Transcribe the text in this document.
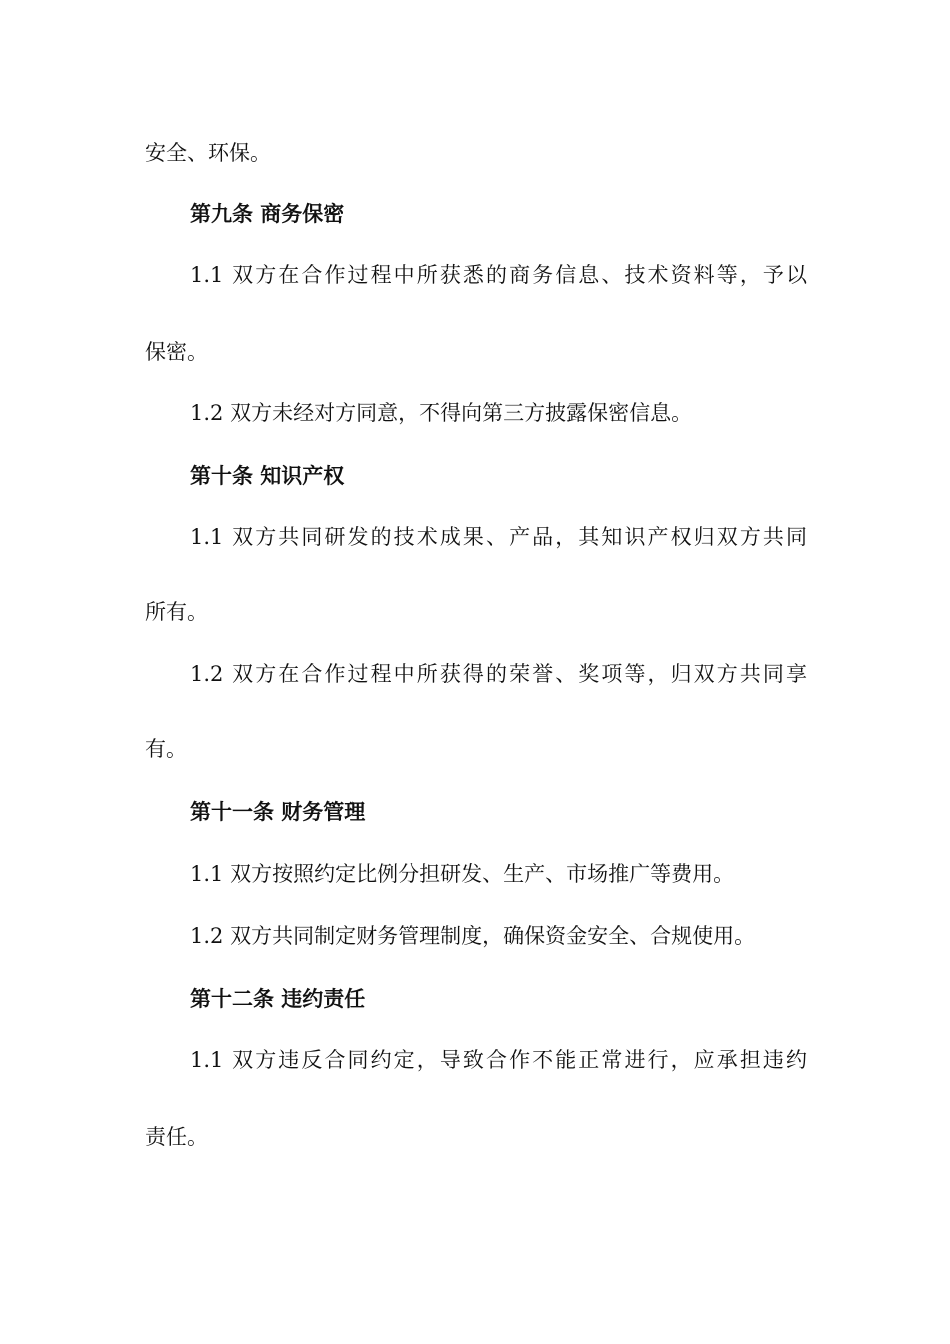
安全、环保。
第九条 商务保密
1.1 双方在合作过程中所获悉的商务信息、技术资料等，予以
保密。
1.2 双方未经对方同意，不得向第三方披露保密信息。
第十条 知识产权
1.1 双方共同研发的技术成果、产品，其知识产权归双方共同
所有。
1.2 双方在合作过程中所获得的荣誉、奖项等，归双方共同享
有。
第十一条 财务管理
1.1 双方按照约定比例分担研发、生产、市场推广等费用。
1.2 双方共同制定财务管理制度，确保资金安全、合规使用。
第十二条 违约责任
1.1 双方违反合同约定，导致合作不能正常进行，应承担违约
责任。
